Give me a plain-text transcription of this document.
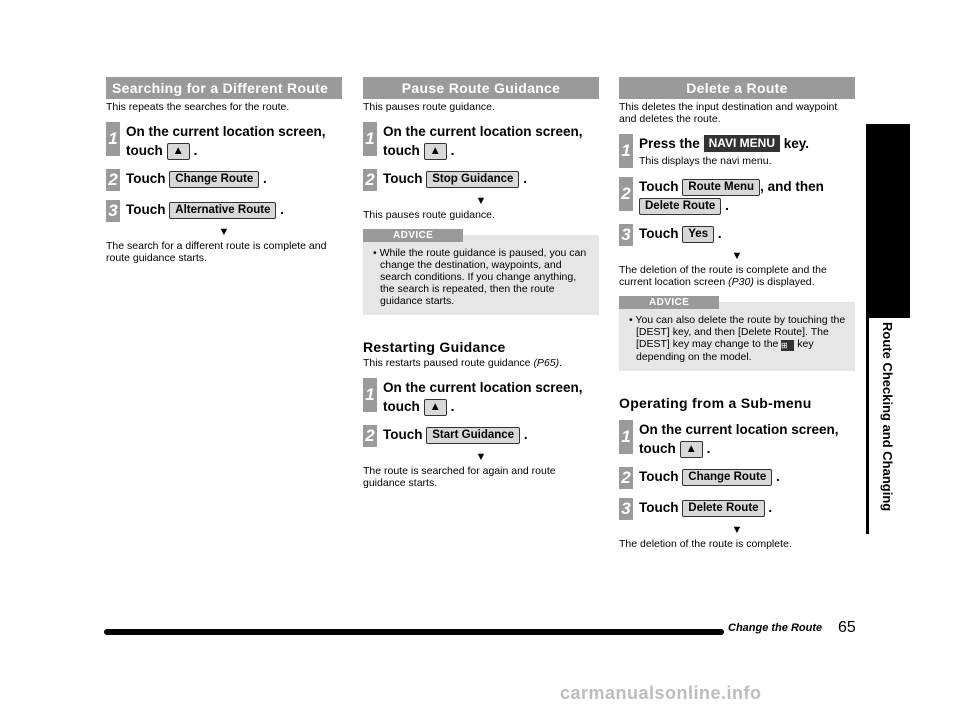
Searching for a Different Route
This repeats the searches for the route.
1 On the current location screen,
touch ▲ .
2 Touch Change Route .
3 Touch Alternative Route .
▼
The search for a different route is complete and route guidance starts.
Pause Route Guidance
This pauses route guidance.
1 On the current location screen,
touch ▲ .
2 Touch Stop Guidance .
▼
This pauses route guidance.
ADVICE
• While the route guidance is paused, you can change the destination, waypoints, and search conditions. If you change anything, the search is repeated, then the route guidance starts.
Restarting Guidance
This restarts paused route guidance (P65).
1 On the current location screen,
touch ▲ .
2 Touch Start Guidance .
▼
The route is searched for again and route guidance starts.
Delete a Route
This deletes the input destination and waypoint and deletes the route.
1 Press the NAVI MENU key.
This displays the navi menu.
2 Touch Route Menu , and then
Delete Route .
3 Touch Yes .
▼
The deletion of the route is complete and the current location screen (P30) is displayed.
ADVICE
• You can also delete the route by touching the [DEST] key, and then [Delete Route]. The [DEST] key may change to the ⊞ key depending on the model.
Operating from a Sub-menu
1 On the current location screen,
touch ▲ .
2 Touch Change Route .
3 Touch Delete Route .
▼
The deletion of the route is complete.
NAVI
Route Checking and Changing
Change the Route 65
carmanualsonline.info
